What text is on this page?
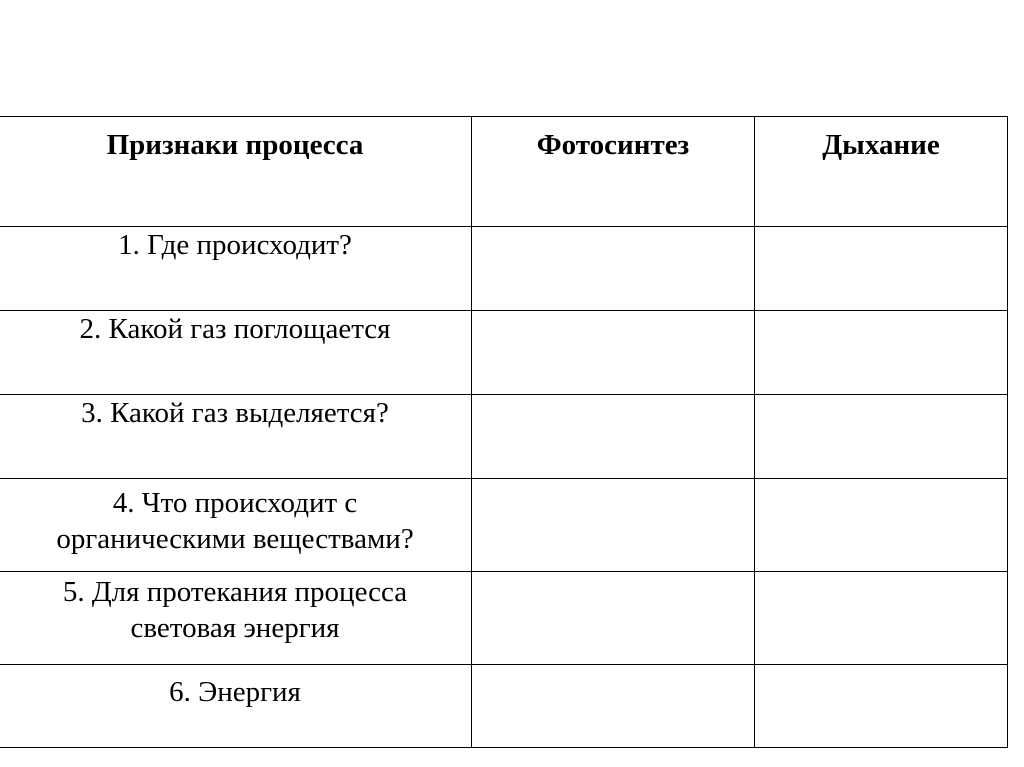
Признаки процесса	Фотосинтез	Дыхание
1. Где происходит?		
2. Какой газ поглощается		
3. Какой газ выделяется?		

4. Что происходит с
органическими веществами?		

5. Для протекания процесса
световая энергия		

6. Энергия		
